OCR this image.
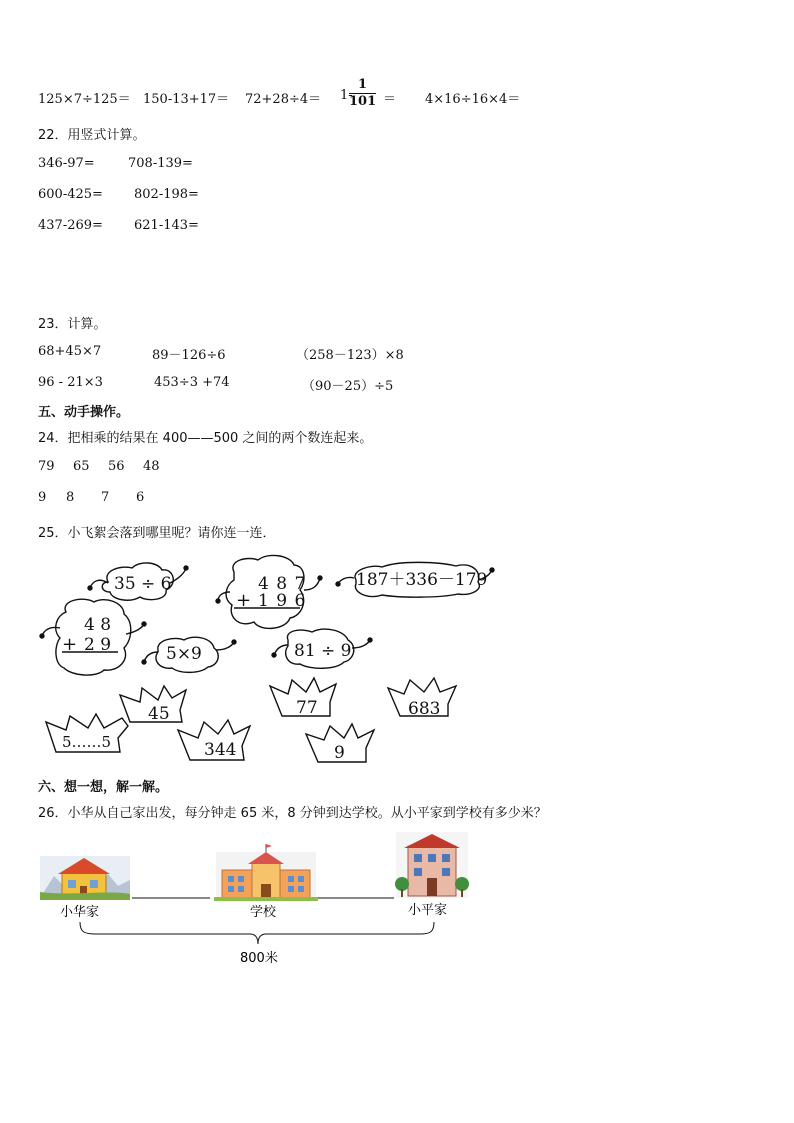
125×7÷125＝ 150-13+17＝ 72+28÷4＝ 1-
$\frac{1}{101} = 4\times 16\div 16\times 4=$
22．用竖式计算。
346-97=	708-139=
600-425= 802-198=
437-269= 621-143=
23．计算。
68+45×7	89－126÷6	（258－123）×8
96 - 21×3	453÷3 +74	（90－25）÷5
五、动手操作。
24．把相乘的结果在 400——500 之间的两个数连起来。
79 65 56 48
9 8 7 6
25．小飞絮会落到哪里呢？请你连一连．
35 ÷ 6	4 8 7
+ 1 9 6
187＋336－179
4 8
+ 2 9	5×9	81 ÷ 9
45	77	683
5……5	344	9
六、想一想，解一解。
26．小华从自己家出发，每分钟走 65 米，8 分钟到达学校。从小平家到学校有多少米？
小华家	学校	小平家
800米
